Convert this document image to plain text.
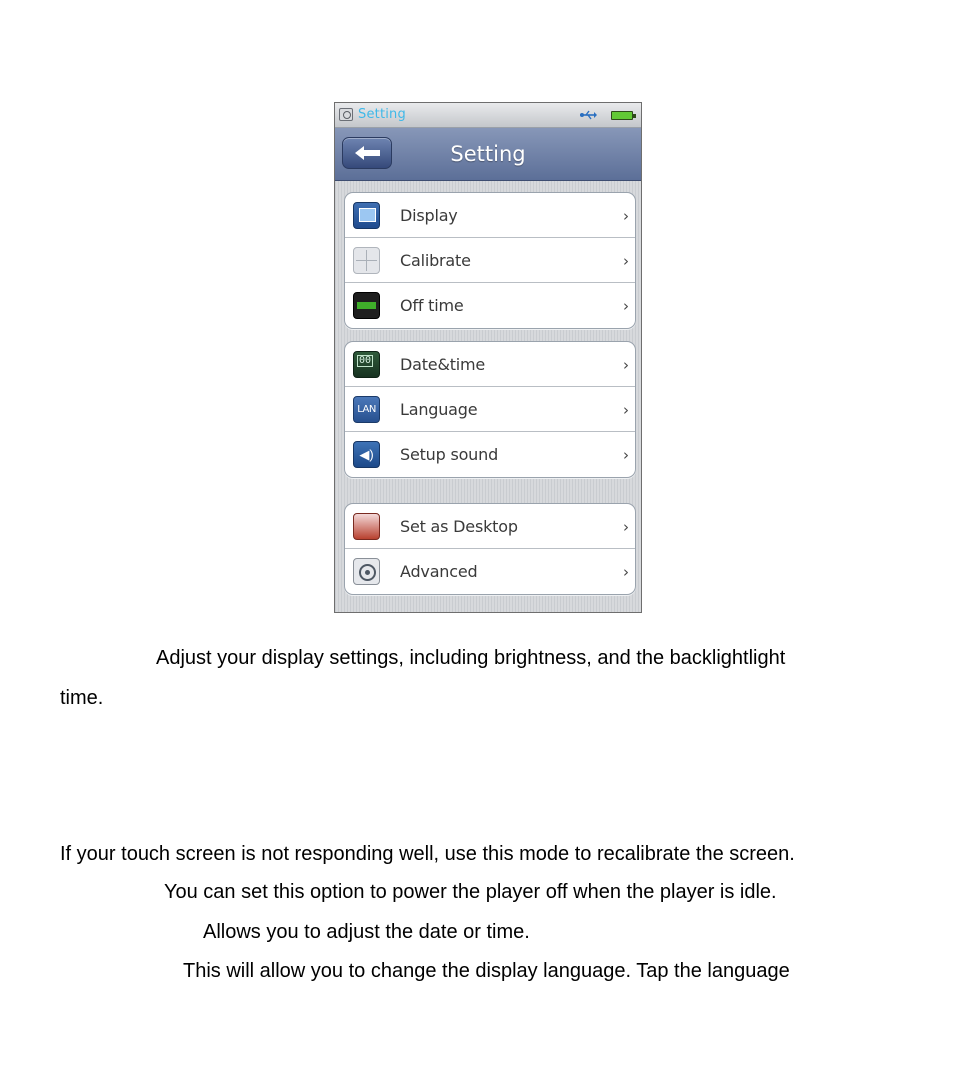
Setting
Setting
Display	›
Calibrate	›
Off time	›
00
Date&time	›
LAN Language	›
◀)	Setup sound	›
Set as Desktop	›
Advanced	›
Adjust your display settings, including brightness, and the backlightlight
time.
If your touch screen is not responding well, use this mode to recalibrate the screen.
You can set this option to power the player off when the player is idle.
Allows you to adjust the date or time.
This will allow you to change the display language. Tap the language
